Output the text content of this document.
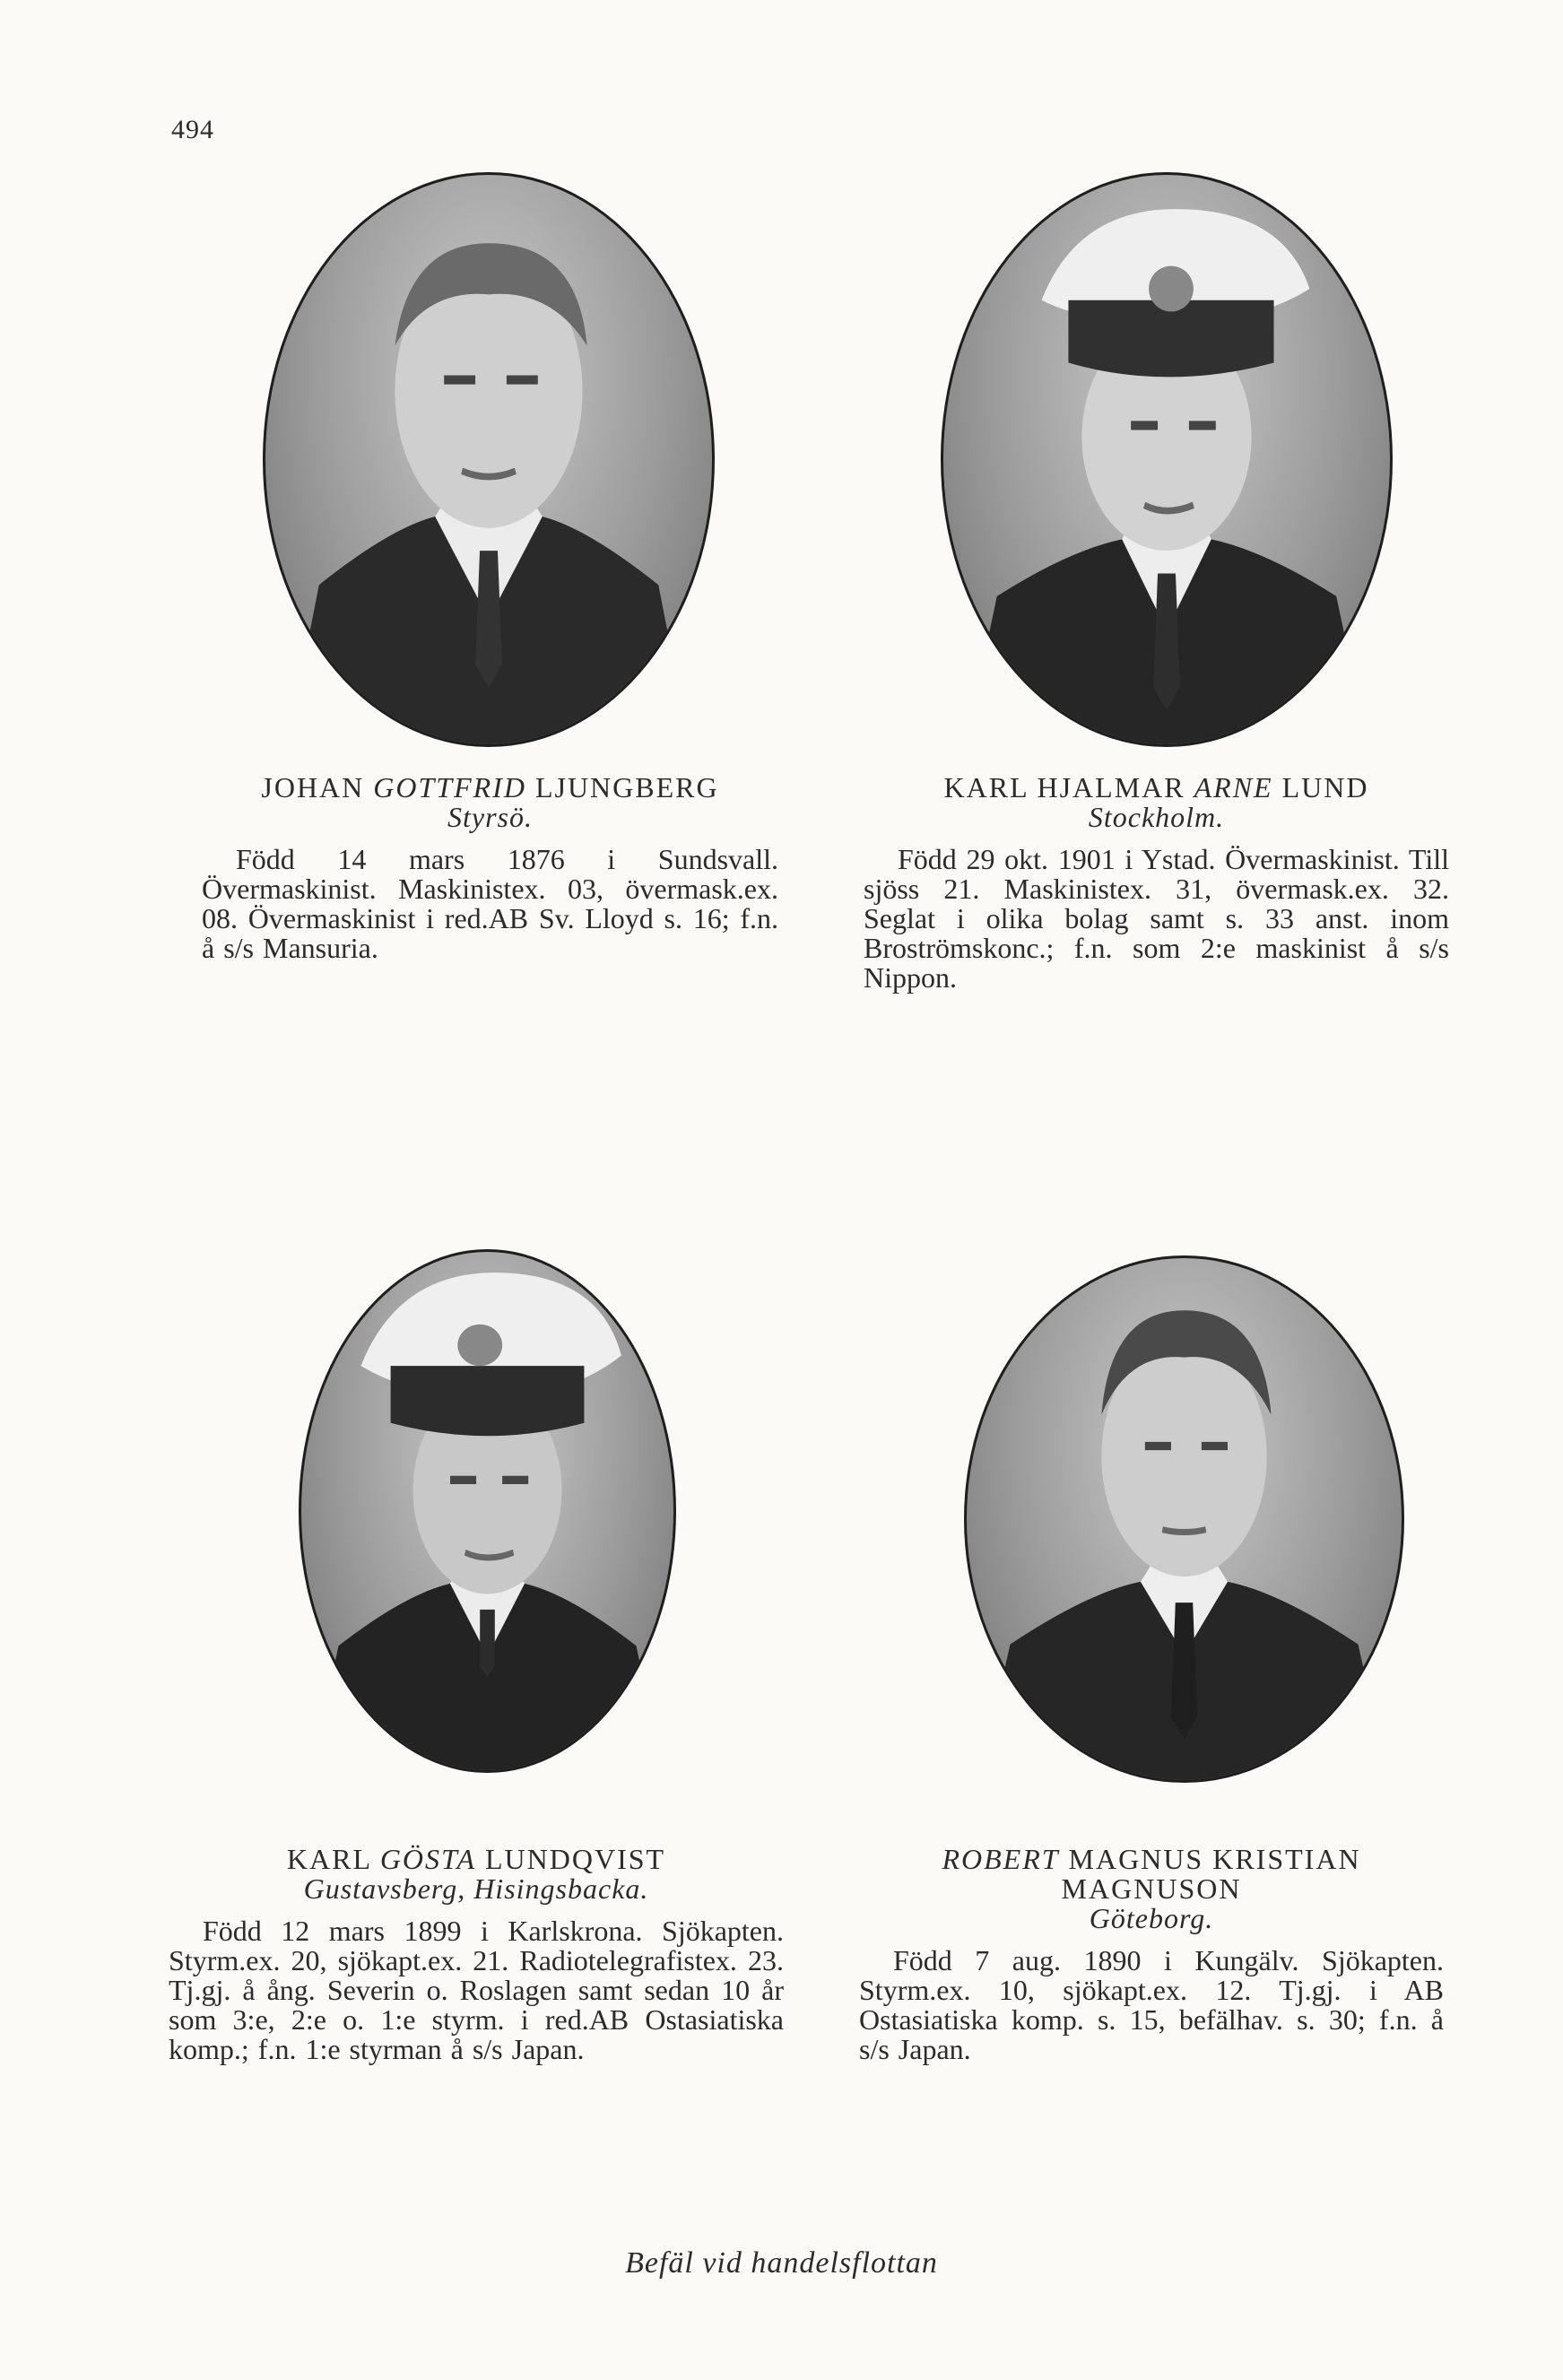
494
JOHAN GOTTFRID LJUNGBERG
Styrsö.
Född 14 mars 1876 i Sundsvall. Övermaskinist. Maskinistex. 03, övermask.ex. 08. Övermaskinist i red.AB Sv. Lloyd s. 16; f.n. å s/s Mansuria.
KARL HJALMAR ARNE LUND
Stockholm.
Född 29 okt. 1901 i Ystad. Övermaskinist. Till sjöss 21. Maskinistex. 31, övermask.ex. 32. Seglat i olika bolag samt s. 33 anst. inom Broströmskonc.; f.n. som 2:e maskinist å s/s Nippon.
KARL GÖSTA LUNDQVIST
Gustavsberg, Hisingsbacka.
Född 12 mars 1899 i Karlskrona. Sjökapten. Styrm.ex. 20, sjökapt.ex. 21. Radiotelegrafistex. 23. Tj.gj. å ång. Severin o. Roslagen samt sedan 10 år som 3:e, 2:e o. 1:e styrm. i red.AB Ostasiatiska komp.; f.n. 1:e styrman å s/s Japan.
ROBERT MAGNUS KRISTIAN MAGNUSON
Göteborg.
Född 7 aug. 1890 i Kungälv. Sjökapten. Styrm.ex. 10, sjökapt.ex. 12. Tj.gj. i AB Ostasiatiska komp. s. 15, befälhav. s. 30; f.n. å s/s Japan.
Befäl vid handelsflottan
